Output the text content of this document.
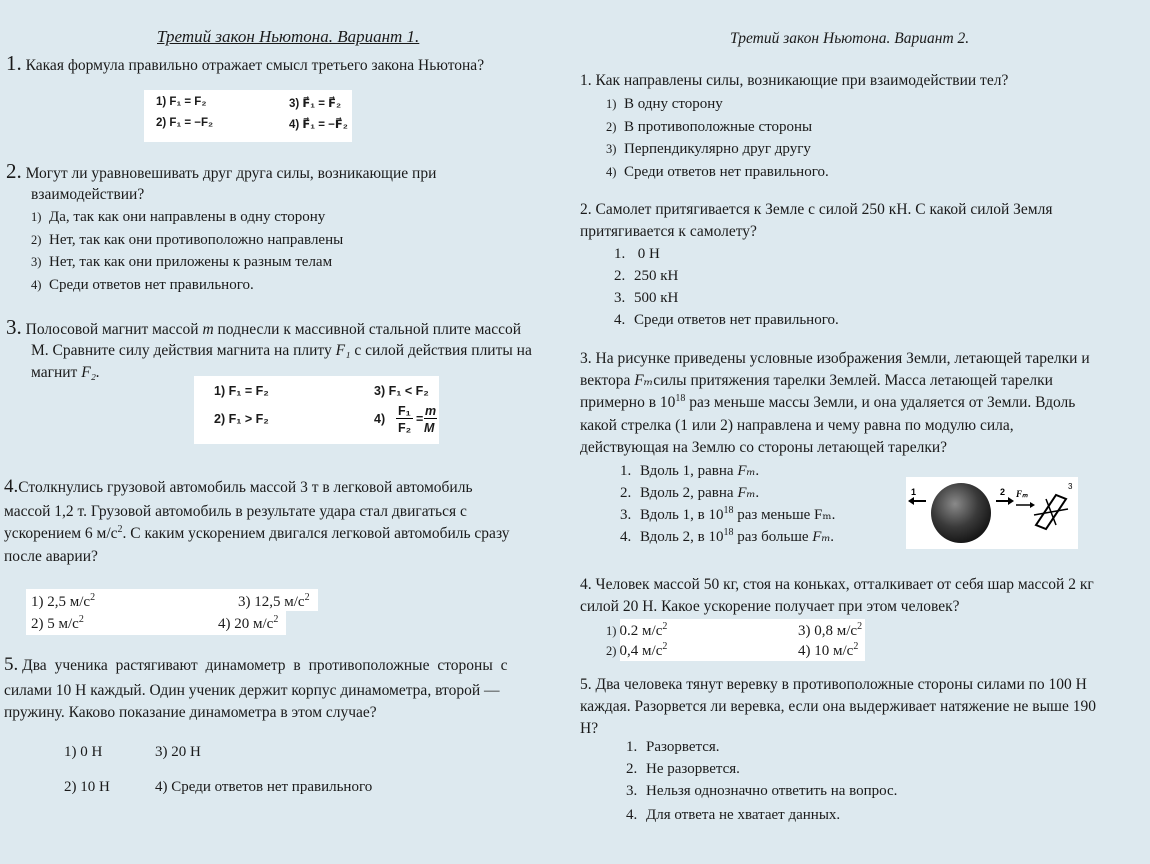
Третий закон Ньютона. Вариант 1.
1. Какая формула правильно отражает смысл третьего закона Ньютона?
1) F₁ = F₂
2) F₁ = −F₂
3) F⃗₁ = F⃗₂
4) F⃗₁ = −F⃗₂
2. Могут ли уравновешивать друг друга силы, возникающие при
взаимодействии?
1) Да, так как они направлены в одну сторону
2) Нет, так как они противоположно направлены
3) Нет, так как они приложены к разным телам
4) Среди ответов нет правильного.
3. Полосовой магнит массой m поднесли к массивной стальной плите массой
М. Сравните силу действия магнита на плиту F₁ с силой действия плиты на
магнит F₂.
1) F₁ = F₂
2) F₁ > F₂
3) F₁ < F₂
4)
F₁
F₂
=
m
M
4.Столкнулись грузовой автомобиль массой 3 т в легковой автомобиль
массой 1,2 т. Грузовой автомобиль в результате удара стал двигаться с
ускорением 6 $м/с^2$. С каким ускорением двигался легковой автомобиль сразу
после аварии?
1) 2,5 $м/с^2$	3) 12,5 $м/с^2$
2) 5 $м/с^2$	4) 20 $м/с^2$
5. Два ученика растягивают динамометр в противоположные стороны с
силами 10 Н каждый. Один ученик держит корпус динамометра, второй —
пружину. Каково показание динамометра в этом случае?
1) 0 Н	3) 20 Н
2) 10 Н	4) Среди ответов нет правильного
Третий закон Ньютона. Вариант 2.
1. Как направлены силы, возникающие при взаимодействии тел?
1) В одну сторону
2) В противоположные стороны
3) Перпендикулярно друг другу
4) Среди ответов нет правильного.
2. Самолет притягивается к Земле с силой 250 кН. С какой силой Земля
притягивается к самолету?
1. 0 Н
2. 250 кН
3. 500 кН
4. Среди ответов нет правильного.
3. На рисунке приведены условные изображения Земли, летающей тарелки и
вектора Fₘсилы притяжения тарелки Землей. Масса летающей тарелки
примерно в $10^{18}$ раз меньше массы Земли, и она удаляется от Земли. Вдоль
какой стрелка (1 или 2) направлена и чему равна по модулю сила,
действующая на Землю со стороны летающей тарелки?
1. Вдоль 1, равна Fₘ.
2. Вдоль 2, равна Fₘ.
3. Вдоль 1, в $10^{18}$ раз меньше Fₘ.
4. Вдоль 2, в $10^{18}$ раз больше Fₘ.
1	2 Fₘ
3
4. Человек массой 50 кг, стоя на коньках, отталкивает от себя шар массой 2 кг
силой 20 Н. Какое ускорение получает при этом человек?
1) 0.2 $м/с^2$	3) 0,8 $м/с^2$
2) 0,4 $м/с^2$	4) 10 $м/с^2$
5. Два человека тянут веревку в противоположные стороны силами по 100 Н
каждая. Разорвется ли веревка, если она выдерживает натяжение не выше 190
Н?
1. Разорвется.
2. Не разорвется.
3. Нельзя однозначно ответить на вопрос.
4. Для ответа не хватает данных.
